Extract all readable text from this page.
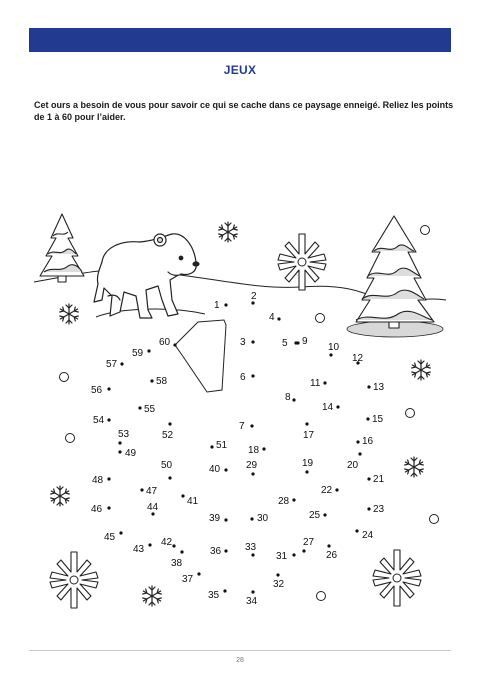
JEUX
Cet ours a besoin de vous pour savoir ce qui se cache dans ce paysage enneigé. Reliez les points de 1 à 60 pour l’aider.
1
2
3
4
5
6
7
8
9
10
11
12
13
14
15
16
17
18
19	20
21
22
23
24
25
26
27
28
29
30
31
32
33
34
35
36
37
38
39
40
41
42
43
44
45
46
47
48
49
50
51
52
53
54
55
56
57
58
59
60
28
